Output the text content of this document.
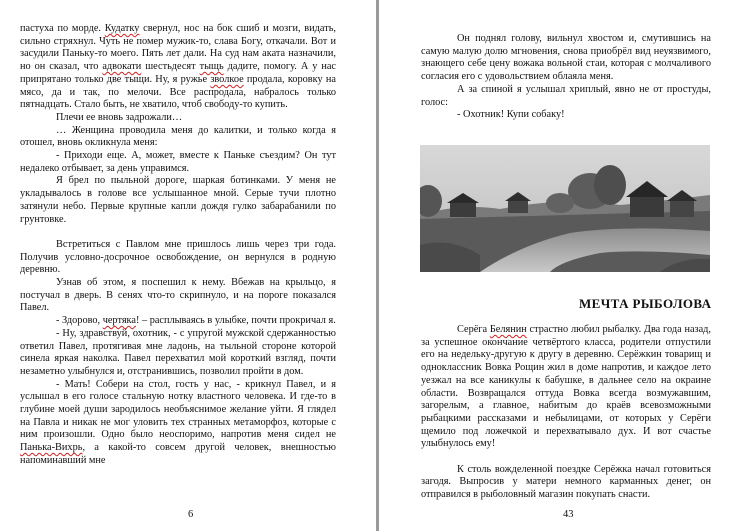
пастуха по морде. Кудатку свернул, нос на бок сшиб и мозги, видать, сильно стряхнул. Чуть не помер мужик-то, слава Богу, откачали. Вот и засудили Паньку-то моего. Пять лет дали. На суд нам аката назначили, но он сказал, что адвокати шестьдесят тыщь дадите, помогу. А у нас припрятано только две тыщи. Ну, я ружье зволкое продала, коровку на мясо, да и так, по мелочи. Все распродала, набралось только пятнадцать. Стало быть, не хватило, чтоб свободу-то купить.

Плечи ее вновь задрожали…

… Женщина проводила меня до калитки, и только когда я отошел, вновь окликнула меня:

- Приходи еще. А, может, вместе к Паньке съездим? Он тут недалеко отбывает, за день управимся.

Я брел по пыльной дороге, шаркая ботинками. У меня не укладывалось в голове все услышанное мной. Серые тучи плотно затянули небо. Первые крупные капли дождя гулко забарабанили по грунтовке.

Встретиться с Павлом мне пришлось лишь через три года. Получив условно-досрочное освобождение, он вернулся в родную деревню.

Узнав об этом, я поспешил к нему. Вбежав на крыльцо, я постучал в дверь. В сенях что-то скрипнуло, и на пороге показался Павел.

- Здорово, чертяка! – расплываясь в улыбке, почти прокричал я.

- Ну, здравствуй, охотник, - с упругой мужской сдержанностью ответил Павел, протягивая мне ладонь, на тыльной стороне которой синела яркая наколка. Павел перехватил мой короткий взгляд, почти незаметно улыбнулся и, отстранившись, позволил пройти в дом.

- Мать! Собери на стол, гость у нас, - крикнул Павел, и я услышал в его голосе стальную нотку властного человека. И где-то в глубине моей души зародилось необъяснимое желание уйти. Я глядел на Павла и никак не мог уловить тех странных метаморфоз, которые с ним произошли. Одно было неоспоримо, напротив меня сидел не Панька-Вихрь, а какой-то совсем другой человек, внешностью напоминавший мне

6

Он поднял голову, вильнул хвостом и, смутившись на самую малую долю мгновения, снова приобрёл вид неуязвимого, знающего себе цену вожака вольной стаи, которая с молчаливого согласия его с удовольствием облаяла меня.

А за спиной я услышал хриплый, явно не от простуды, голос:

- Охотник! Купи собаку!

МЕЧТА РЫБОЛОВА

Серёга Белянин страстно любил рыбалку. Два года назад, за успешное окончание четвёртого класса, родители отпустили его на недельку-другую к другу в деревню. Серёжкин товарищ и одноклассник Вовка Рощин жил в доме напротив, и каждое лето уезжал на все каникулы к бабушке, в дальнее село на окраине области. Возвращался оттуда Вовка всегда возмужавшим, загорелым, а главное, набитым до краёв всевозможными рыбацкими рассказами и небылицами, от которых у Серёги щемило под ложечкой и перехватывало дух. И вот счастье улыбнулось ему!

К столь вожделенной поездке Серёжка начал готовиться загодя. Выпросив у матери немного карманных денег, он отправился в рыболовный магазин покупать снасти.

43
